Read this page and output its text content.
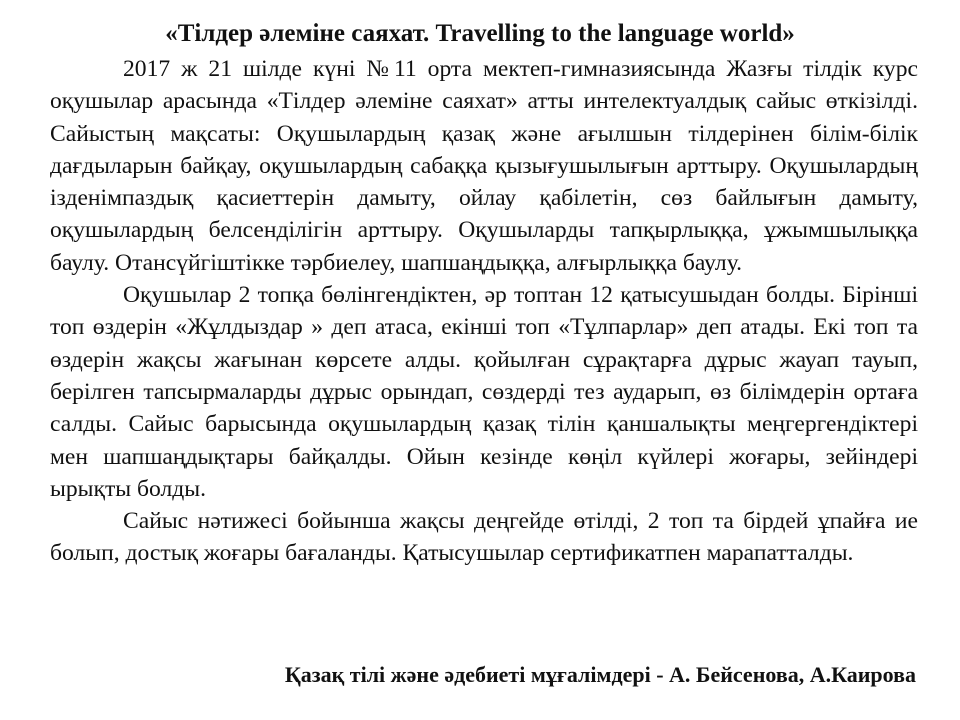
«Тілдер әлеміне саяхат. Travelling to the language world»

2017 ж 21 шілде күні №11 орта мектеп-гимназиясында Жазғы тілдік курс оқушылар арасында «Тілдер әлеміне саяхат» атты интелектуалдық сайыс өткізілді. Сайыстың мақсаты: Оқушылардың қазақ және ағылшын тілдерінен білім-білік дағдыларын байқау, оқушылардың сабаққа қызығушылығын арттыру. Оқушылардың ізденімпаздық қасиеттерін дамыту, ойлау қабілетін, сөз байлығын дамыту, оқушылардың белсенділігін арттыру. Оқушыларды тапқырлыққа, ұжымшылыққа баулу. Отансүйгіштікке тәрбиелеу, шапшаңдыққа, алғырлыққа баулу.

Оқушылар 2 топқа бөлінгендіктен, әр топтан 12 қатысушыдан болды. Бірінші топ өздерін «Жұлдыздар » деп атаса, екінші топ «Тұлпарлар» деп атады. Екі топ та өздерін жақсы жағынан көрсете алды. қойылған сұрақтарға дұрыс жауап тауып, берілген тапсырмаларды дұрыс орындап, сөздерді тез аударып, өз білімдерін ортаға салды. Сайыс барысында оқушылардың қазақ тілін қаншалықты меңгергендіктері мен шапшаңдықтары байқалды. Ойын кезінде көңіл күйлері жоғары, зейіндері ырықты болды.

Сайыс нәтижесі бойынша жақсы деңгейде өтілді, 2 топ та бірдей ұпайға ие болып, достық жоғары бағаланды. Қатысушылар сертификатпен марапатталды.

Қазақ тілі және әдебиеті мұғалімдері - А. Бейсенова, А.Каирова
